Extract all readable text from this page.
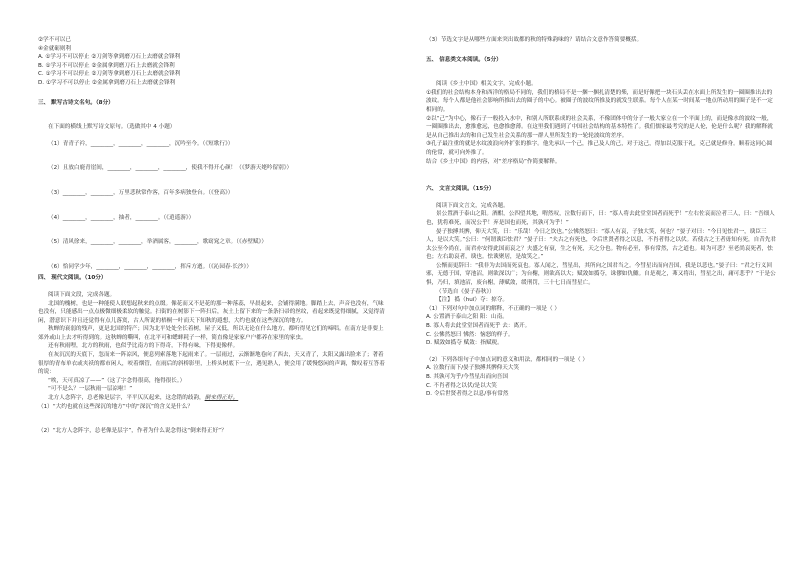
②学不可以已
④金就砺则利
A. ①学习不可以停止 ②刀剑等拿到磨刀石上去磨就会锋利
B. ①学习不可以停止 ②金属拿到磨刀石上去磨就会锋利
C. ①学习不可以停止 ②刀剑等拿到磨刀石上去磨就会锋利
D. ①学习不可以停止 ②金属拿到磨刀石上去磨就会锋利
三、 默写古诗文名句。（8分）
在下面的横线上默写诗文原句。（选做其中 4 小题）
（1）青青子衿，________，________，________，沉吟至今。（《短歌行》）
（2）且放白鹿青崖间，________，________，________，使我不得开心颜！（《梦游天姥吟留别》）
（3）________，________，万里悲秋常作客，百年多病独登台。（《登高》）
（4）________，________，抽者，________。（《逍遥游》）
（5）清风徐来，________，________，举酒属客，________，歌窈窕之章。（《赤壁赋》）
（6）恰同学少年，________，________，________，挥斥方遒。（《沁园春·长沙》）
四、 现代文阅读。（10分）
阅读下面文段，完成各题。
北国的槐树，也是一种能使人联想起秋来的点缀。像花而又不是花的那一种落蕊，早晨起来，会铺得满地。脚踏上去，声音也没有，气味也没有，只能感出一点点极微细极柔软的触觉。扫街的在树影下一阵扫后，灰土上留下来的一条条扫帚的丝纹，看起来既觉得细腻，又觉得清闲，潜意识下并且还觉得有点儿落寞，古人所说的梧桐一叶而天下知秋的遐想，大约也就在这些深沉的地方。
秋蝉的衰弱的残声，更是北国的特产；因为北平处处全长着树，屋子又低，所以无论在什么地方，都听得见它们的啼唱。在南方是非要上郊外或山上去才听得到的。这秋蝉的嘶叫，在北平可和蟋蟀耗子一样，简直像是家家户户都养在家里的家虫。
还有秋雨哩，北方的秋雨，也似乎比南方的下得奇，下得有味，下得更像样。
在灰沉沉的天底下，忽而来一阵凉风，便息列索落地下起雨来了。一层雨过，云渐渐地卷向了西去，天又青了，太阳又露出脸来了；著着很厚的青布单衣或夹袄的都市闲人，咬着烟管，在雨后的斜桥影里，上桥头树底下一立，遇见熟人，便会用了缓慢悠闲的声调，微叹着互答着的说：
“唉，天可真凉了——”（这了字念得很高，拖得很长。）
“可不是么？一层秋雨一层凉啦！”
北方人念阵字，总老像是层字，平平仄仄起来，这念错的歧韵，倒来得正好。
（1）“大约也就在这些深沉的地方”中的“深沉”的含义是什么？
（2）“北方人念阵字，总老像是层字”，作者为什么说念得这“倒来得正好”？
（3）节选文字是从哪些方面来突出故都的秋的特殊韵味的？请结合文意作答简要概括。
五、 信息类文本阅读。（5分）
阅读《乡土中国》相关文字，完成小题。
①我们的社会结构本身和西洋的格局不同的，我们的格局不是一捆一捆扎清楚的柴，而是好像把一块石头丢在水面上所发生的一圈圈推出去的波纹。每个人都是他社会影响所推出去的圈子的中心。被圈子的波纹所推及的就发生联系。每个人在某一时间某一地点所动用的圈子是不一定相同的。
②以“己”为中心，像石子一般投入水中，和别人所联系成的社会关系，不像团体中的分子一般大家立在一个平面上的，而是像水的波纹一般，一圈圈推出去，愈推愈远，也愈推愈薄。在这里我们遇到了中国社会结构的基本特性了。我们儒家最考究的是人伦，伦是什么呢？我的解释就是从自己推出去的和自己发生社会关系的那一群人里所发生的一轮轮波纹的差序。
③孔子最注重的就是水纹波浪向外扩张的推字。他先承认一个己，推己及人的己，对于这己，得加以克服于礼，克己就是修身。顺着这同心圆的伦常，就可向外推了。
结合《乡土中国》的内容，对“差序格局”作简要解释。
六、 文言文阅读。（15分）
阅读下面文言文，完成各题。
景公置酒于泰山之阳。酒酣，公四望其地，喟然叹，泣数行而下，曰：“寡人将去此堂堂国者而死乎！”左右佐哀而泣者三人，曰：“吾细人也，犹将难死，而况公乎！弃是国也而死，其孰可为乎！”
晏子独搏其髀，仰天大笑，曰：“乐哉！今日之饮也。”公怫然怒曰：“寡人有哀，子独大笑，何也？”晏子对曰：“今日见怯君一，谀臣三人，是以大笑。”公曰：“何谓谀臣怯君？”晏子曰：“夫古之有死也，令后世贤者得之以息，不肖者得之以伏。若使古之王者毋知有死，自昔先君太公至今尚在，而君亦安得此国而哀之？夫盛之有衰，生之有死，天之分也。物有必至，事有常然，古之道也。曷为可悲？至老尚哀死者，怯也；左右助哀者，谀也。怯谀聚居，是故笑之。”
公惭而更辞曰：“我非为去国而死哀也。寡人闻之，彗星出，其所向之国君当之。今彗星出而向吾国，我是以悲也。”晏子曰：“君之行义回邪，无德于国，穿池沼，则欲深以广；为台榭，则欲高以大；赋敛如撝夺，诛僇如仇雠。自是观之，茀又将出，彗星之出，庸可悲乎？”于是公惧，乃归，填池沼，废台榭，薄赋敛，缓刑罚，三十七日而彗星亡。
（节选自《晏子春秋》）
【注】 撝（huī）夺：掠夺。
（1）下列对句中加点词的解释，不正确的一项是（ ）
A. 公置酒于泰山之阳 阳：山南。
B. 寡人将去此堂堂国者而死乎 去：离开。
C. 公怫然怒曰 怫然：恼怒的样子。
D. 赋敛如撝夺 赋敛：指赋税。
（2）下列各组句子中加点词的意义和用法，都相同的一项是（ ）
A. 泣数行而下/晏子独搏其髀仰天大笑
B. 其孰可为乎/今彗星出而向吾国
C. 不肖者得之以伏/是以大笑
D. 令后世贤者得之以息/事有常然
